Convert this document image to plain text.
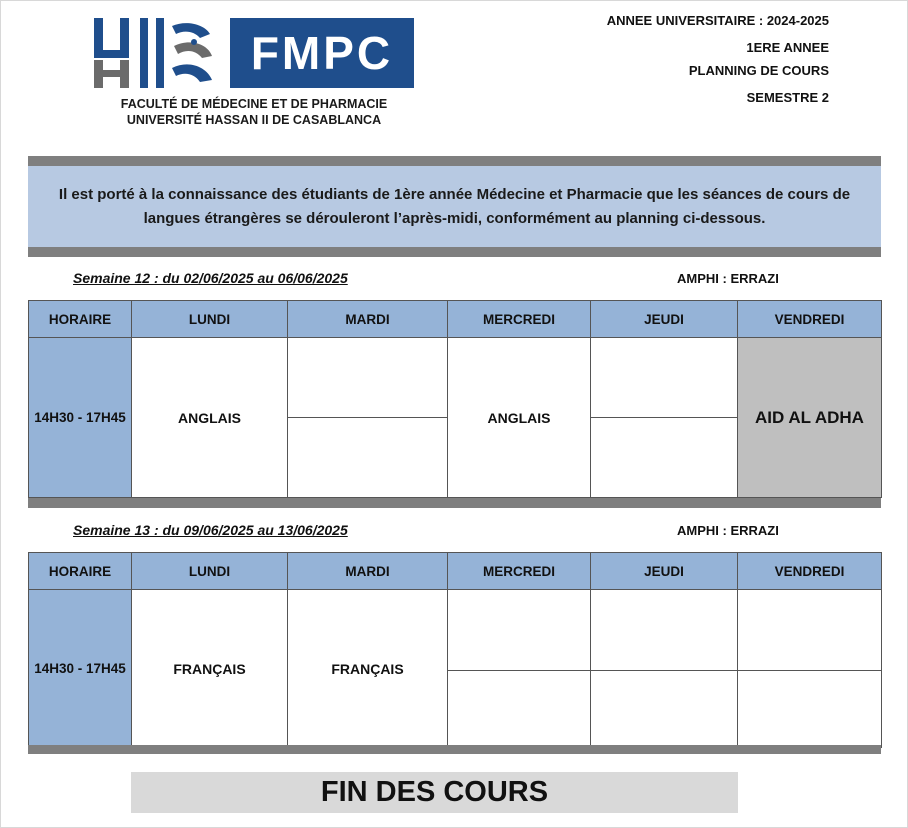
FMPC
FACULTÉ DE MÉDECINE ET DE PHARMACIE
UNIVERSITÉ HASSAN II DE CASABLANCA
ANNEE UNIVERSITAIRE : 2024-2025
1ERE ANNEE
PLANNING DE COURS
SEMESTRE 2

Il est porté à la connaissance des étudiants de 1ère année Médecine et Pharmacie que les séances de cours de langues étrangères se dérouleront l’après-midi, conformément au planning ci-dessous.

Semaine 12 : du 02/06/2025 au 06/06/2025	AMPHI : ERRAZI
HORAIRE	LUNDI	MARDI	MERCREDI	JEUDI	VENDREDI
14H30 - 17H45	ANGLAIS		ANGLAIS		AID AL ADHA

Semaine 13 : du 09/06/2025 au 13/06/2025	AMPHI : ERRAZI
HORAIRE	LUNDI	MARDI	MERCREDI	JEUDI	VENDREDI
14H30 - 17H45	FRANÇAIS	FRANÇAIS			

FIN DES COURS
